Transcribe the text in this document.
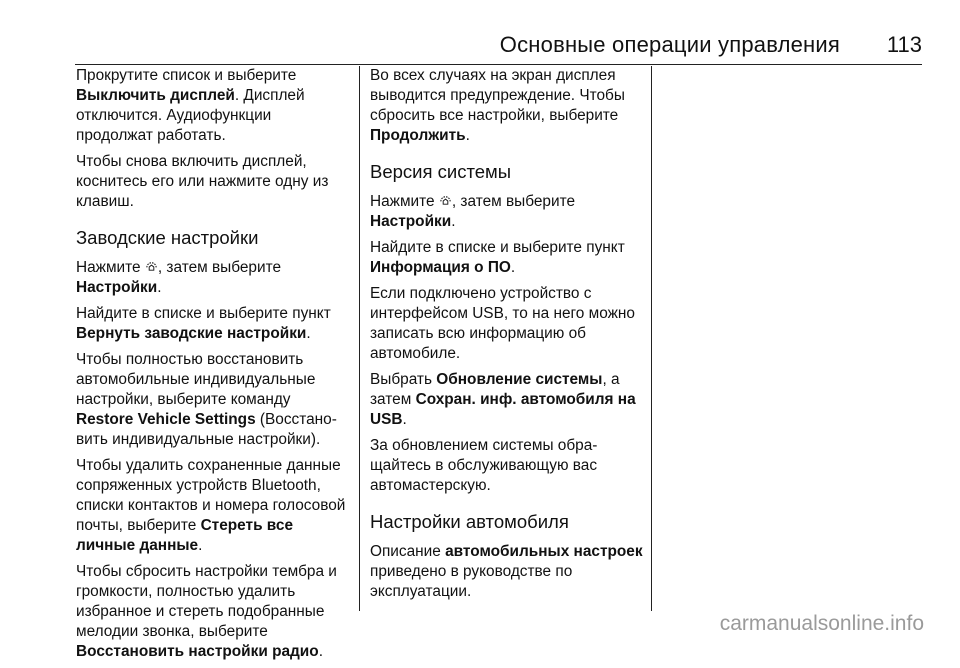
Основные операции управления 113

Прокрутите список и выберите Выключить дисплей. Дисплей отключится. Аудиофункции продолжат работать.

Чтобы снова включить дисплей, коснитесь его или нажмите одну из клавиш.

Заводские настройки

Нажмите , затем выберите Настройки.

Найдите в списке и выберите пункт Вернуть заводские настройки.

Чтобы полностью восстановить автомобильные индивидуальные настройки, выберите команду Restore Vehicle Settings (Восстановить индивидуальные настройки).

Чтобы удалить сохраненные данные сопряженных устройств Bluetooth, списки контактов и номера голосовой почты, выберите Стереть все личные данные.

Чтобы сбросить настройки тембра и громкости, полностью удалить избранное и стереть подобранные мелодии звонка, выберите Восстановить настройки радио.

Во всех случаях на экран дисплея выводится предупреждение. Чтобы сбросить все настройки, выберите Продолжить.

Версия системы

Нажмите , затем выберите Настройки.

Найдите в списке и выберите пункт Информация о ПО.

Если подключено устройство с интерфейсом USB, то на него можно записать всю информацию об автомобиле.

Выбрать Обновление системы, а затем Сохран. инф. автомобиля на USB.

За обновлением системы обращайтесь в обслуживающую вас автомастерскую.

Настройки автомобиля

Описание автомобильных настроек приведено в руководстве по эксплуатации.

carmanualsonline.info
